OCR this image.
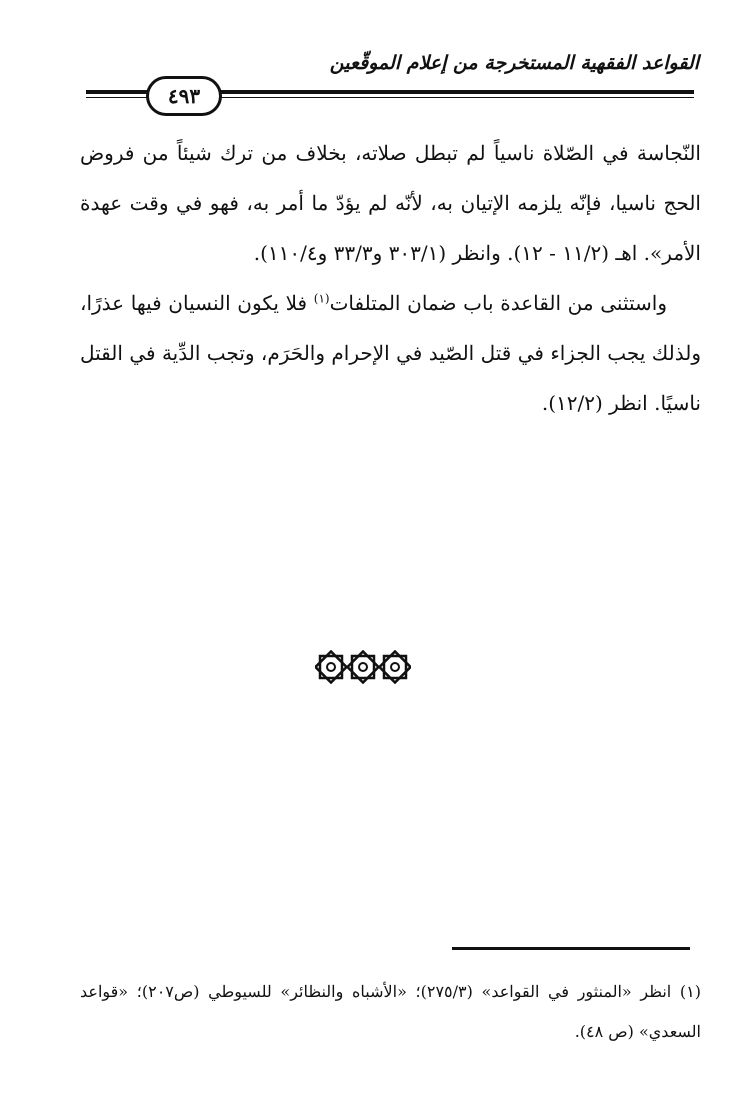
القواعد الفقهية المستخرجة من إعلام الموقّعين
٤٩٣

النّجاسة في الصّلاة ناسياً لم تبطل صلاته، بخلاف من ترك شيئاً من فروض الحج ناسيا، فإنّه يلزمه الإتيان به، لأنّه لم يؤدّ ما أمر به، فهو في وقت عهدة الأمر». اهـ (١١/٢ - ١٢). وانظر (٣٠٣/١ و٣٣/٣ و١١٠/٤).

واستثنى من القاعدة باب ضمان المتلفات$^{(١)}$ فلا يكون النسيان فيها عذرًا، ولذلك يجب الجزاء في قتل الصّيد في الإحرام والحَرَم، وتجب الدِّية في القتل ناسيًا. انظر (١٢/٢).

(١) انظر «المنثور في القواعد» (٢٧٥/٣)؛ «الأشباه والنظائر» للسيوطي (ص٢٠٧)؛ «قواعد السعدي» (ص ٤٨).
